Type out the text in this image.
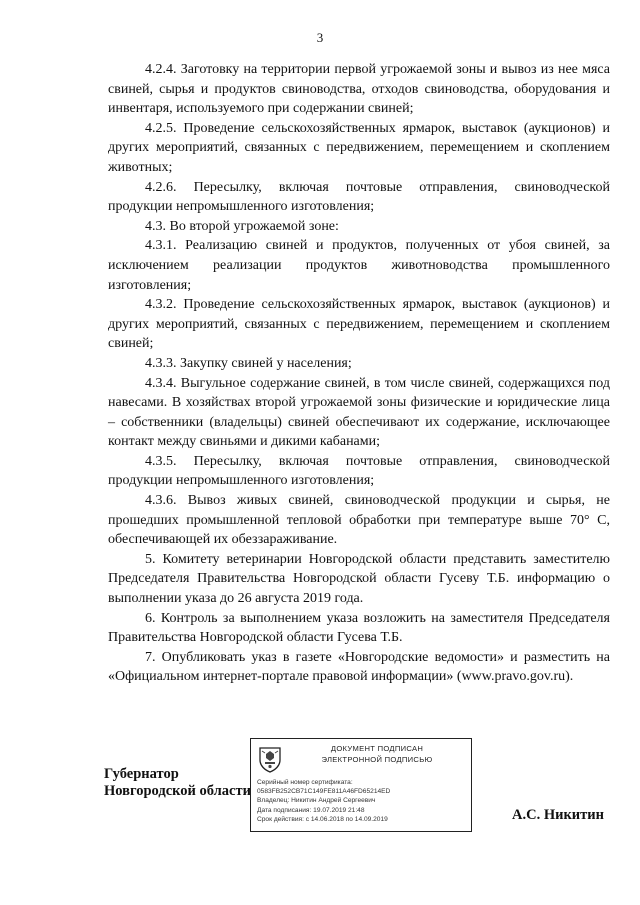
3

4.2.4. Заготовку на территории первой угрожаемой зоны и вывоз из нее мяса свиней, сырья и продуктов свиноводства, отходов свиноводства, оборудования и инвентаря, используемого при содержании свиней;

4.2.5. Проведение сельскохозяйственных ярмарок, выставок (аукционов) и других мероприятий, связанных с передвижением, перемещением и скоплением животных;

4.2.6. Пересылку, включая почтовые отправления, свиноводческой продукции непромышленного изготовления;

4.3. Во второй угрожаемой зоне:

4.3.1. Реализацию свиней и продуктов, полученных от убоя свиней, за исключением реализации продуктов животноводства промышленного изготовления;

4.3.2. Проведение сельскохозяйственных ярмарок, выставок (аукционов) и других мероприятий, связанных с передвижением, перемещением и скоплением свиней;

4.3.3. Закупку свиней у населения;

4.3.4. Выгульное содержание свиней, в том числе свиней, содержащихся под навесами. В хозяйствах второй угрожаемой зоны физические и юридические лица – собственники (владельцы) свиней обеспечивают их содержание, исключающее контакт между свиньями и дикими кабанами;

4.3.5. Пересылку, включая почтовые отправления, свиноводческой продукции непромышленного изготовления;

4.3.6. Вывоз живых свиней, свиноводческой продукции и сырья, не прошедших промышленной тепловой обработки при температуре выше 70° С, обеспечивающей их обеззараживание.

5. Комитету ветеринарии Новгородской области представить заместителю Председателя Правительства Новгородской области Гусеву Т.Б. информацию о выполнении указа до 26 августа 2019 года.

6. Контроль за выполнением указа возложить на заместителя Председателя Правительства Новгородской области Гусева Т.Б.

7. Опубликовать указ в газете «Новгородские ведомости» и разместить на «Официальном интернет-портале правовой информации» (www.pravo.gov.ru).

Губернатор
Новгородской области
ДОКУМЕНТ ПОДПИСАН
ЭЛЕКТРОННОЙ ПОДПИСЬЮ
Серийный номер сертификата:
0583FB252CB71C149FE811A46FD65214ED
Владелец: Никитин Андрей Сергеевич
Дата подписания: 19.07.2019 21:48
Срок действия: с 14.06.2018 по 14.09.2019	А.С. Никитин
